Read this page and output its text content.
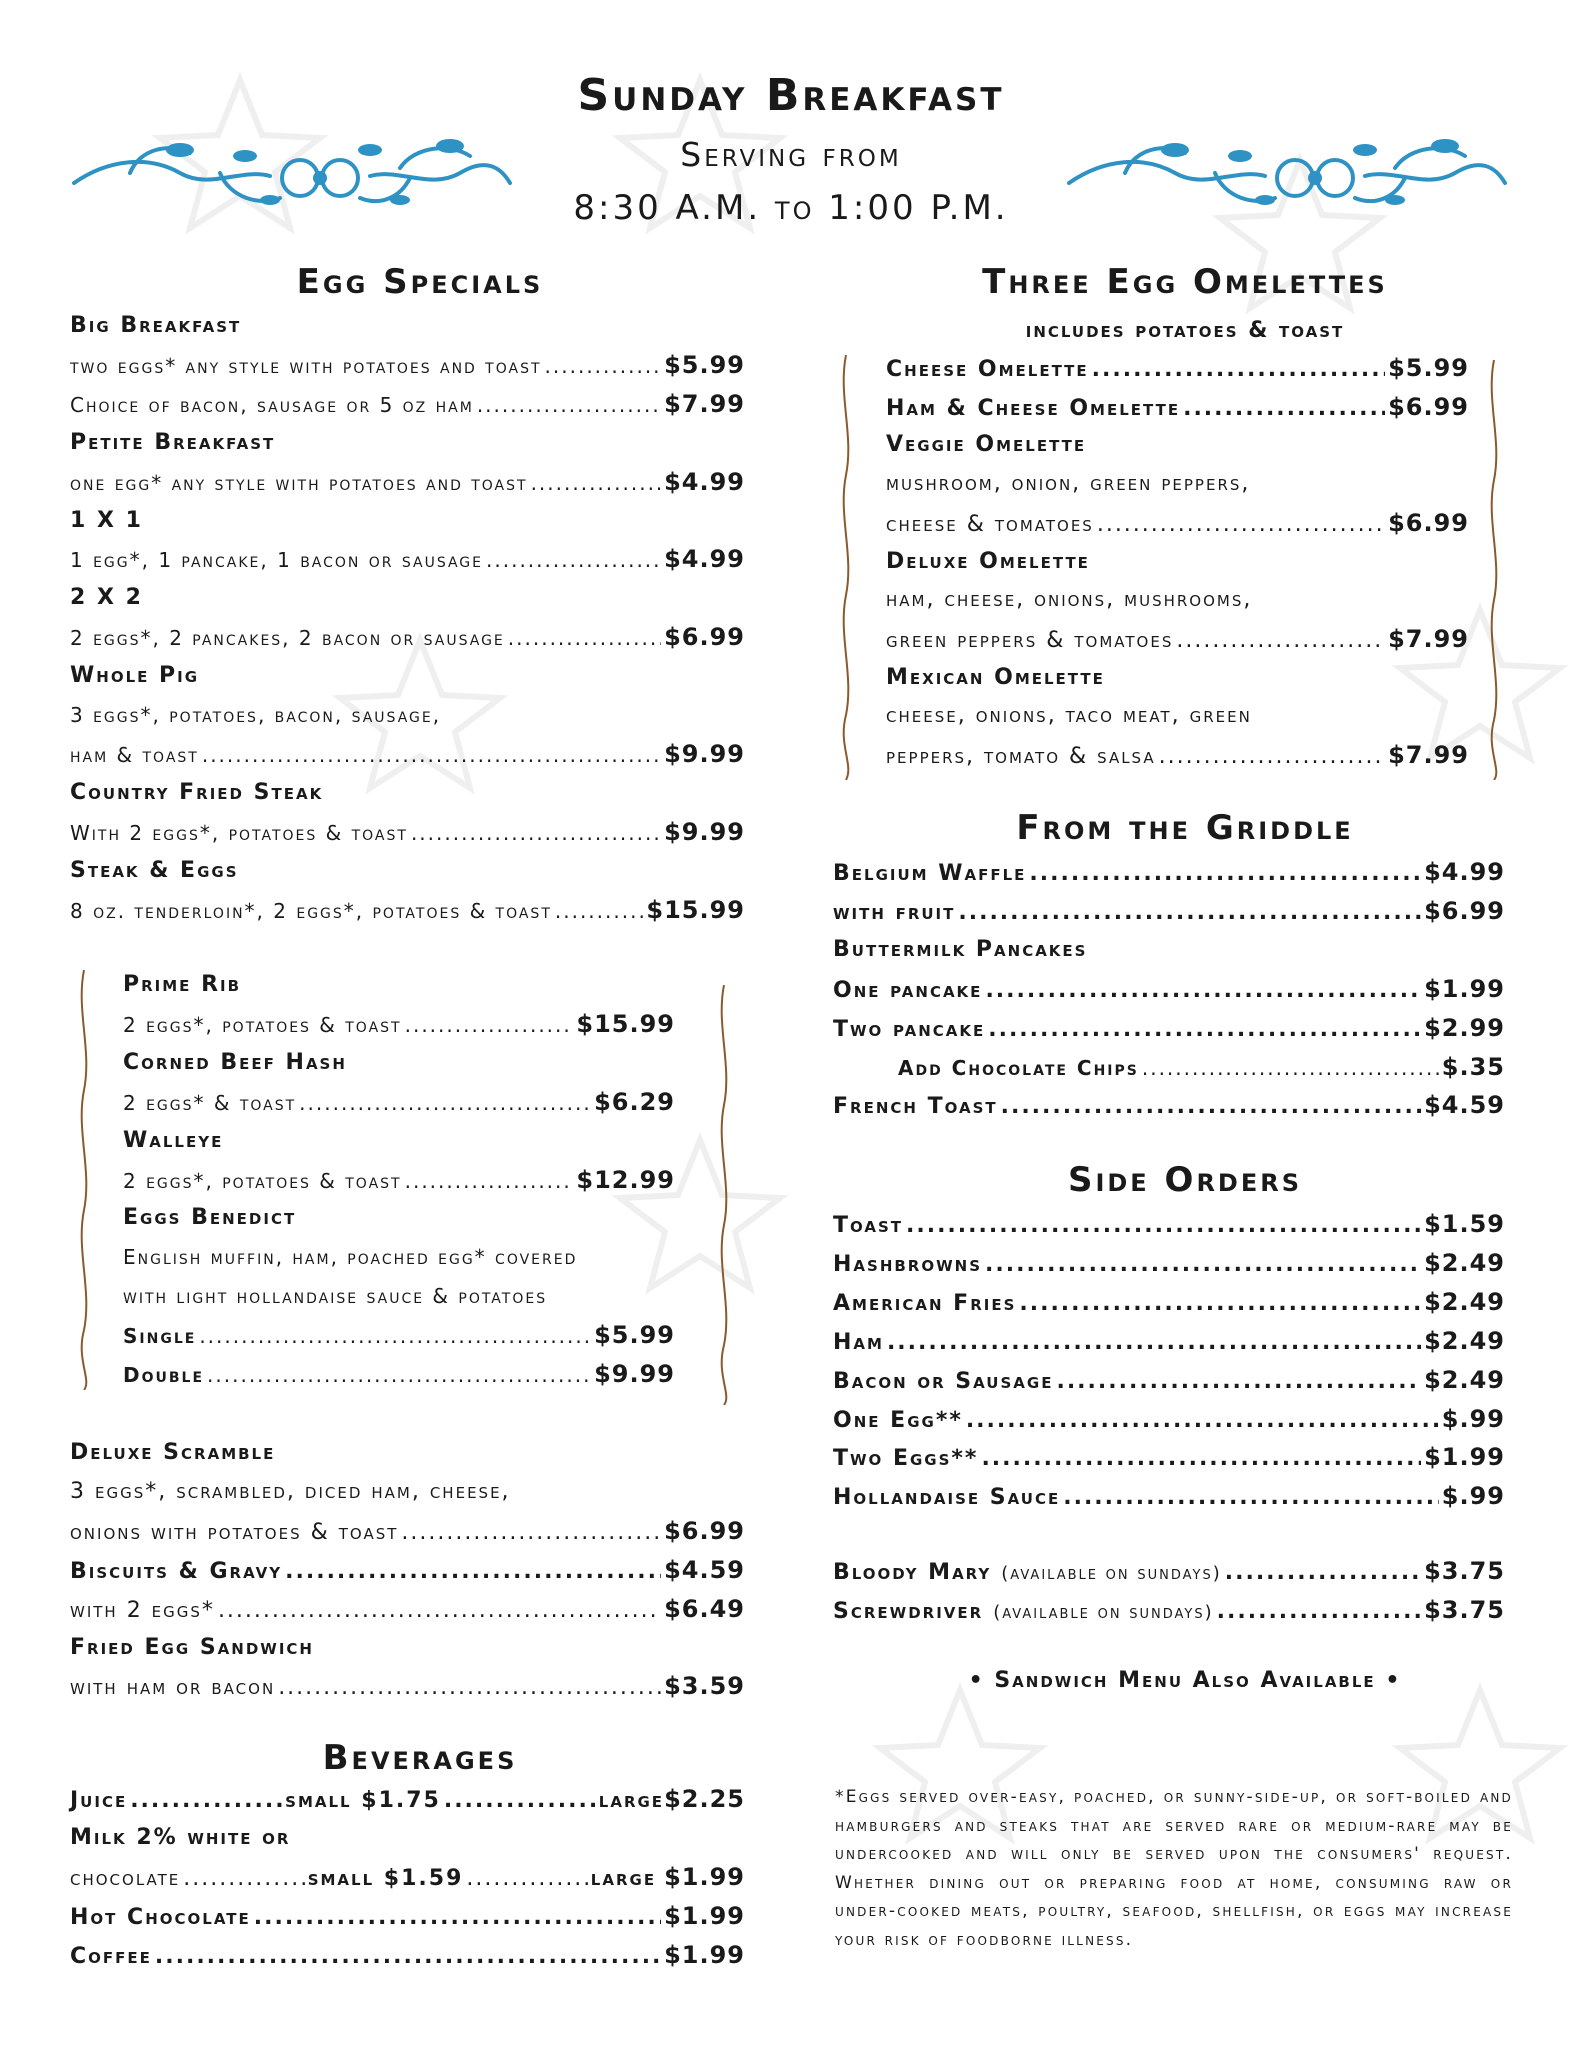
Sunday Breakfast
Serving from
8:30 A.M. to 1:00 P.M.
Egg Specials
Big Breakfast
two eggs* any style with potatoes and toast .....	$5.99
Choice of bacon, sausage or 5 oz ham .....	$7.99
Petite Breakfast
one egg* any style with potatoes and toast .....	$4.99
1 X 1
1 egg*, 1 pancake, 1 bacon or sausage .....	$4.99
2 X 2
2 eggs*, 2 pancakes, 2 bacon or sausage .....	$6.99
Whole Pig
3 eggs*, potatoes, bacon, sausage,
ham & toast .....	$9.99
Country Fried Steak
With 2 eggs*, potatoes & toast .....	$9.99
Steak & Eggs
8 oz. tenderloin*, 2 eggs*, potatoes & toast .....	$15.99
Prime Rib
2 eggs*, potatoes & toast .....	$15.99
Corned Beef Hash
2 eggs* & toast .....	$6.29
Walleye
2 eggs*, potatoes & toast .....	$12.99
Eggs Benedict
English muffin, ham, poached egg* covered
with light hollandaise sauce & potatoes
Single .....	$5.99
Double .....	$9.99
Deluxe Scramble
3 eggs*, scrambled, diced ham, cheese,
onions with potatoes & toast .....	$6.99
Biscuits & Gravy .....	$4.59
with 2 eggs* .....	$6.49
Fried Egg Sandwich
with ham or bacon .....	$3.59
Beverages
Juice .....	small $1.75 .....	large $2.25
Milk 2% white or
chocolate .....	small $1.59 .....	large $1.99
Hot Chocolate .....	$1.99
Coffee .....	$1.99
Three Egg Omelettes
includes potatoes & toast
Cheese Omelette .....	$5.99
Ham & Cheese Omelette .....	$6.99
Veggie Omelette
mushroom, onion, green peppers,
cheese & tomatoes .....	$6.99
Deluxe Omelette
ham, cheese, onions, mushrooms,
green peppers & tomatoes .....	$7.99
Mexican Omelette
cheese, onions, taco meat, green
peppers, tomato & salsa .....	$7.99
From the Griddle
Belgium Waffle .....	$4.99
with fruit .....	$6.99
Buttermilk Pancakes
One pancake .....	$1.99
Two pancake .....	$2.99
Add Chocolate Chips .....	$.35
French Toast .....	$4.59
Side Orders
Toast .....	$1.59
Hashbrowns .....	$2.49
American Fries .....	$2.49
Ham .....	$2.49
Bacon or Sausage .....	$2.49
One Egg** .....	$.99
Two Eggs** .....	$1.99
Hollandaise Sauce .....	$.99
Bloody Mary (available on sundays) .....	$3.75
Screwdriver (available on sundays) .....	$3.75
• Sandwich Menu Also Available •
*Eggs served over-easy, poached, or sunny-side-up, or soft-boiled and hamburgers and steaks that are served rare or medium-rare may be undercooked and will only be served upon the consumers' request. Whether dining out or preparing food at home, consuming raw or under-cooked meats, poultry, seafood, shellfish, or eggs may increase your risk of foodborne illness.
